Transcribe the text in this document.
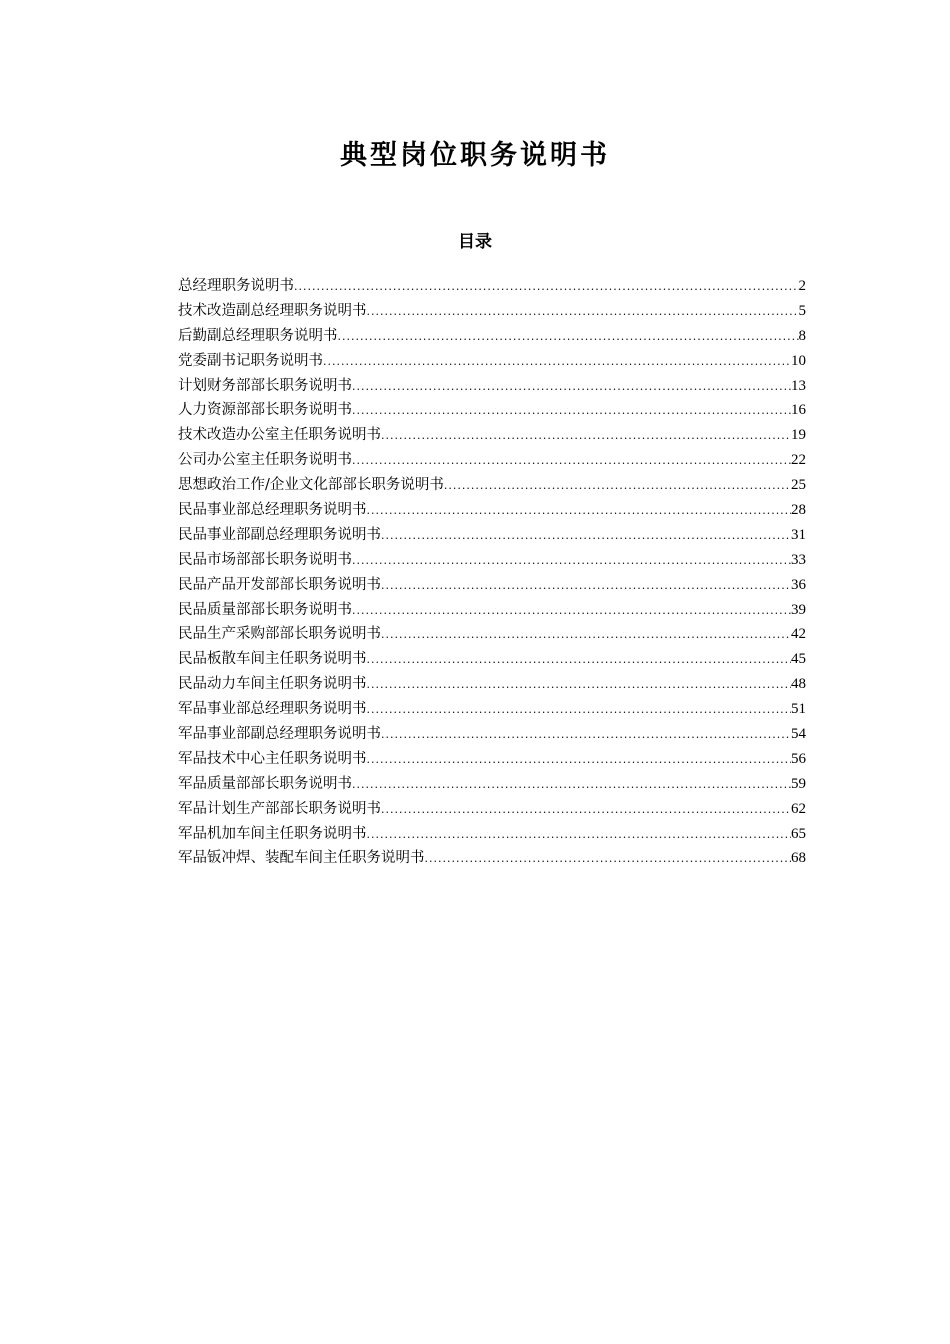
典型岗位职务说明书
目录
总经理职务说明书 .....	2
技术改造副总经理职务说明书 .....	5
后勤副总经理职务说明书 .....	8
党委副书记职务说明书 .....	10
计划财务部部长职务说明书 .....	13
人力资源部部长职务说明书 .....	16
技术改造办公室主任职务说明书 .....	19
公司办公室主任职务说明书 .....	22
思想政治工作/企业文化部部长职务说明书 .....	25
民品事业部总经理职务说明书 .....	28
民品事业部副总经理职务说明书 .....	31
民品市场部部长职务说明书 .....	33
民品产品开发部部长职务说明书 .....	36
民品质量部部长职务说明书 .....	39
民品生产采购部部长职务说明书 .....	42
民品板散车间主任职务说明书 .....	45
民品动力车间主任职务说明书 .....	48
军品事业部总经理职务说明书 .....	51
军品事业部副总经理职务说明书 .....	54
军品技术中心主任职务说明书 .....	56
军品质量部部长职务说明书 .....	59
军品计划生产部部长职务说明书 .....	62
军品机加车间主任职务说明书 .....	65
军品钣冲焊、装配车间主任职务说明书 .....	68
